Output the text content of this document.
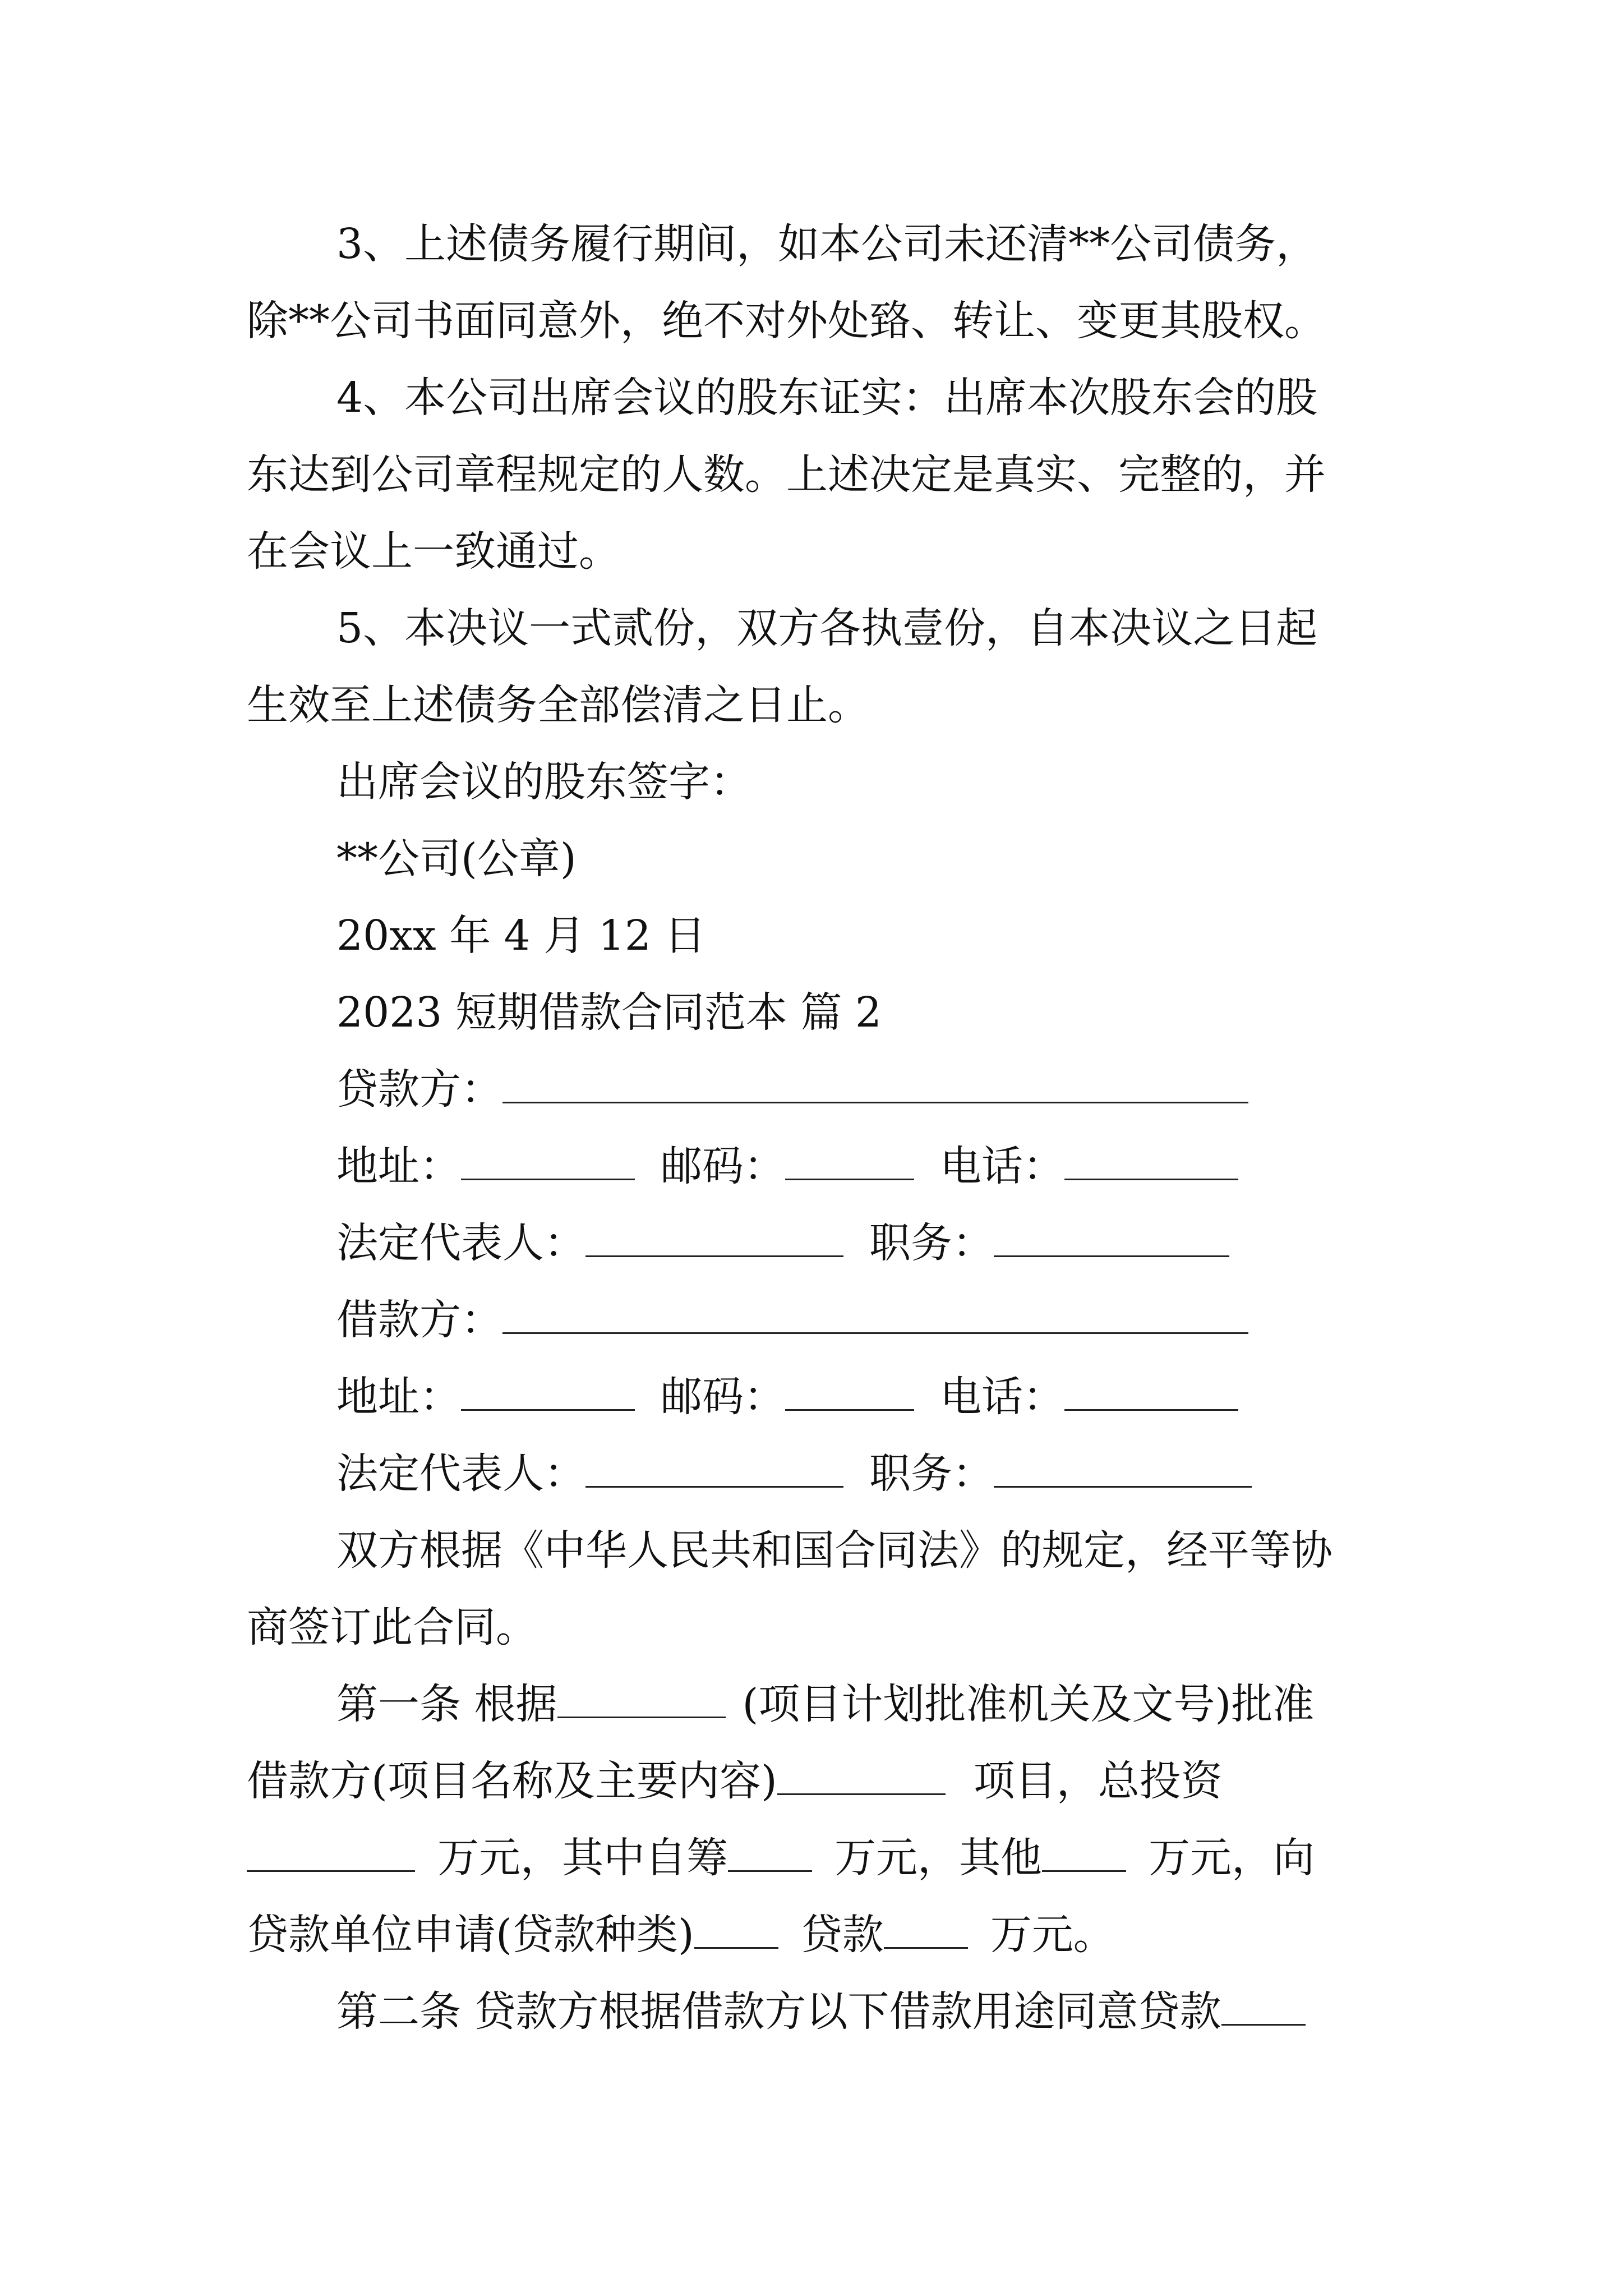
3、上述债务履行期间，如本公司未还清**公司债务，
除**公司书面同意外，绝不对外处臵、转让、变更其股权。
4、本公司出席会议的股东证实：出席本次股东会的股
东达到公司章程规定的人数。上述决定是真实、完整的，并
在会议上一致通过。
5、本决议一式贰份，双方各执壹份，自本决议之日起
生效至上述债务全部偿清之日止。
出席会议的股东签字：
**公司(公章)
20xx 年 4 月 12 日
2023 短期借款合同范本 篇 2
贷款方：
地址：	邮码：	电话：
法定代表人：	职务：
借款方：
地址：	邮码：	电话：
法定代表人：	职务：
双方根据《中华人民共和国合同法》的规定，经平等协
商签订此合同。
第一条 根据	(项目计划批准机关及文号)批准
借款方(项目名称及主要内容)	项目，总投资
万元，其中自筹	万元，其他	万元，向
贷款单位申请(贷款种类)	贷款	万元。
第二条 贷款方根据借款方以下借款用途同意贷款
